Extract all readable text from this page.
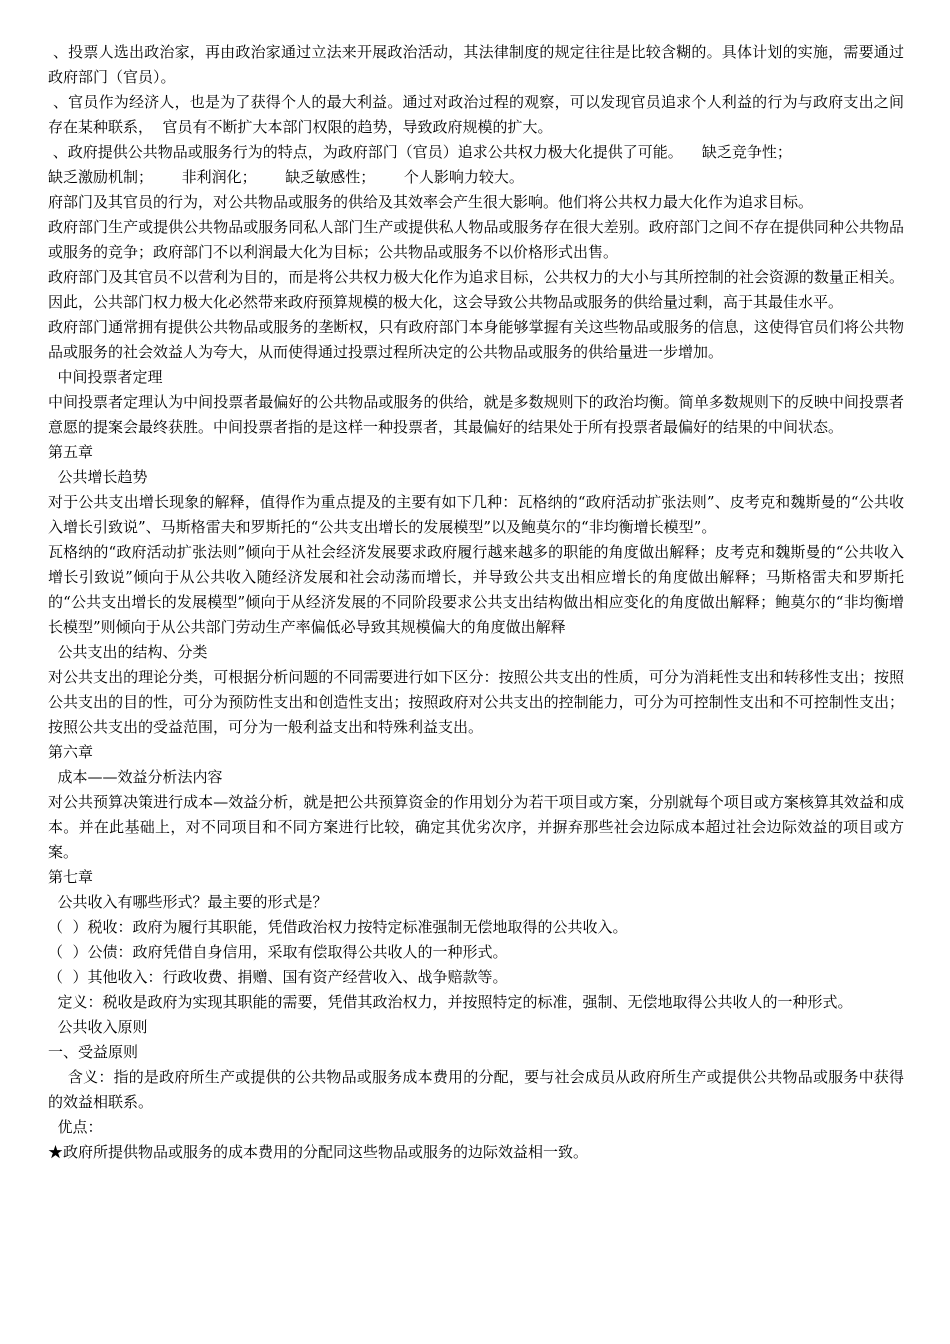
、投票人选出政治家，再由政治家通过立法来开展政治活动，其法律制度的规定往往是比较含糊的。具体计划的实施，需要通过政府部门（官员）。

、官员作为经济人，也是为了获得个人的最大利益。通过对政治过程的观察，可以发现官员追求个人利益的行为与政府支出之间存在某种联系，  官员有不断扩大本部门权限的趋势，导致政府规模的扩大。

、政府提供公共物品或服务行为的特点，为政府部门（官员）追求公共权力极大化提供了可能。    缺乏竞争性；

缺乏激励机制；      非利润化；      缺乏敏感性；      个人影响力较大。

府部门及其官员的行为，对公共物品或服务的供给及其效率会产生很大影响。他们将公共权力最大化作为追求目标。

政府部门生产或提供公共物品或服务同私人部门生产或提供私人物品或服务存在很大差别。政府部门之间不存在提供同种公共物品或服务的竞争；政府部门不以利润最大化为目标；公共物品或服务不以价格形式出售。

政府部门及其官员不以营利为目的，而是将公共权力极大化作为追求目标，公共权力的大小与其所控制的社会资源的数量正相关。因此，公共部门权力极大化必然带来政府预算规模的极大化，这会导致公共物品或服务的供给量过剩，高于其最佳水平。

政府部门通常拥有提供公共物品或服务的垄断权，只有政府部门本身能够掌握有关这些物品或服务的信息，这使得官员们将公共物品或服务的社会效益人为夸大，从而使得通过投票过程所决定的公共物品或服务的供给量进一步增加。

中间投票者定理

中间投票者定理认为中间投票者最偏好的公共物品或服务的供给，就是多数规则下的政治均衡。简单多数规则下的反映中间投票者意愿的提案会最终获胜。中间投票者指的是这样一种投票者，其最偏好的结果处于所有投票者最偏好的结果的中间状态。

第五章

公共增长趋势

对于公共支出增长现象的解释，值得作为重点提及的主要有如下几种：瓦格纳的“政府活动扩张法则”、皮考克和魏斯曼的“公共收入增长引致说”、马斯格雷夫和罗斯托的“公共支出增长的发展模型”以及鲍莫尔的“非均衡增长模型”。

瓦格纳的“政府活动扩张法则”倾向于从社会经济发展要求政府履行越来越多的职能的角度做出解释；皮考克和魏斯曼的“公共收入增长引致说”倾向于从公共收入随经济发展和社会动荡而增长，并导致公共支出相应增长的角度做出解释；马斯格雷夫和罗斯托的“公共支出增长的发展模型”倾向于从经济发展的不同阶段要求公共支出结构做出相应变化的角度做出解释；鲍莫尔的“非均衡增长模型”则倾向于从公共部门劳动生产率偏低必导致其规模偏大的角度做出解释

公共支出的结构、分类

对公共支出的理论分类，可根据分析问题的不同需要进行如下区分：按照公共支出的性质，可分为消耗性支出和转移性支出；按照公共支出的目的性，可分为预防性支出和创造性支出；按照政府对公共支出的控制能力，可分为可控制性支出和不可控制性支出；按照公共支出的受益范围，可分为一般利益支出和特殊利益支出。

第六章

成本——效益分析法内容

对公共预算决策进行成本—效益分析，就是把公共预算资金的作用划分为若干项目或方案，分别就每个项目或方案核算其效益和成本。并在此基础上，对不同项目和不同方案进行比较，确定其优劣次序，并摒弃那些社会边际成本超过社会边际效益的项目或方案。

第七章

公共收入有哪些形式？最主要的形式是？

（  ）税收：政府为履行其职能，凭借政治权力按特定标准强制无偿地取得的公共收入。

（  ）公债：政府凭借自身信用，采取有偿取得公共收人的一种形式。

（  ）其他收入：行政收费、捐赠、国有资产经营收入、战争赔款等。

定义：税收是政府为实现其职能的需要，凭借其政治权力，并按照特定的标准，强制、无偿地取得公共收人的一种形式。

公共收入原则

一、受益原则

含义：指的是政府所生产或提供的公共物品或服务成本费用的分配，要与社会成员从政府所生产或提供公共物品或服务中获得的效益相联系。

优点：

★政府所提供物品或服务的成本费用的分配同这些物品或服务的边际效益相一致。
